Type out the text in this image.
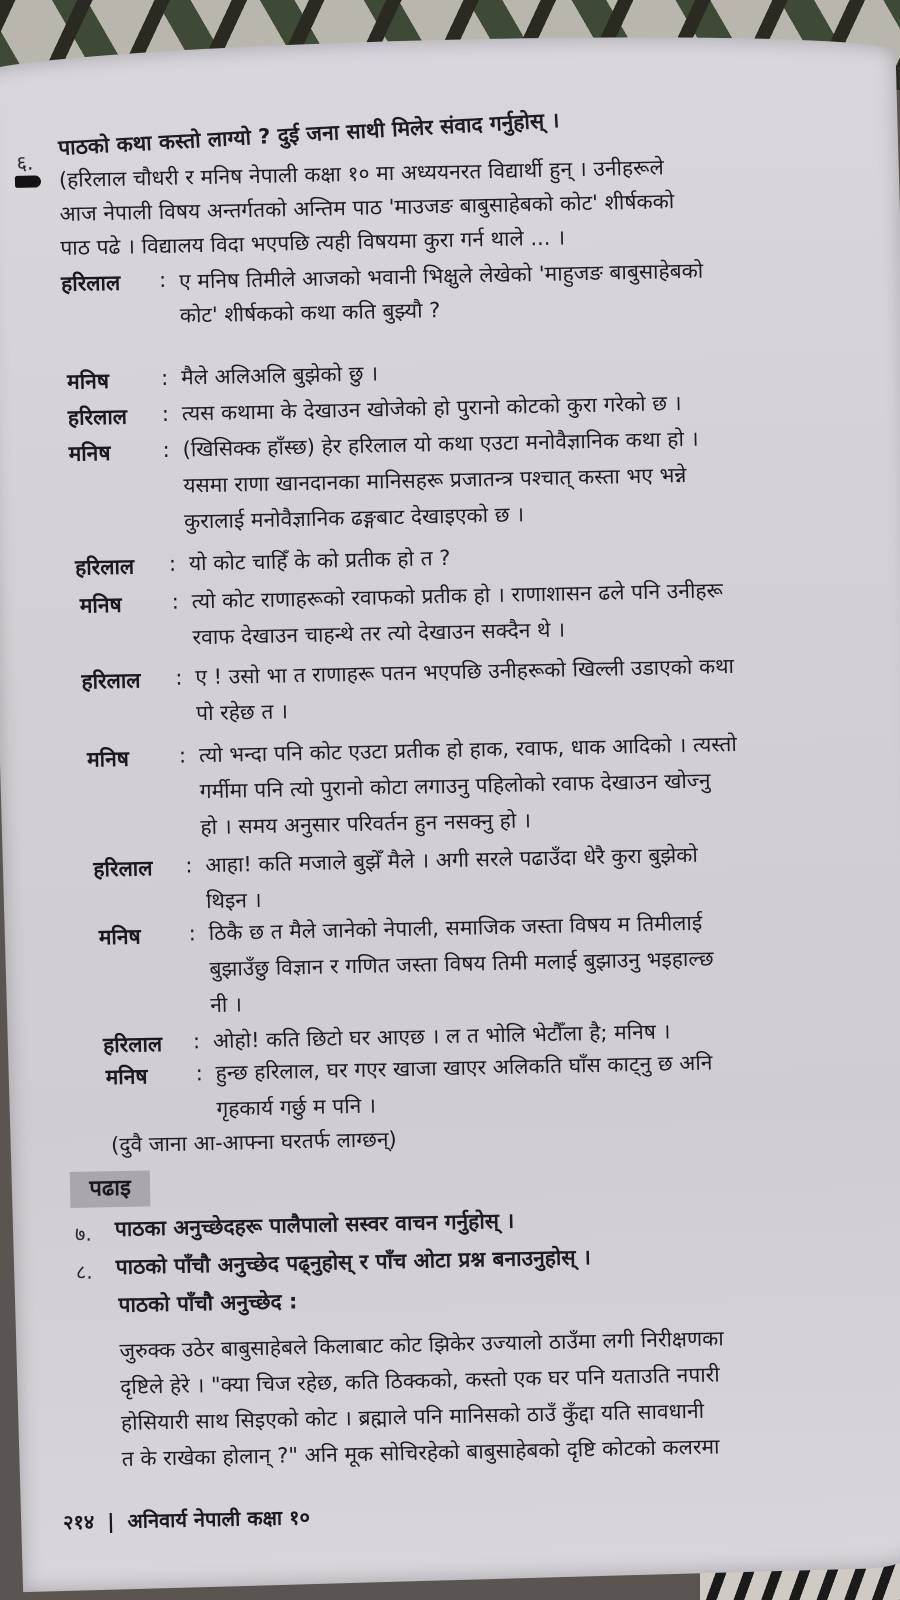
६.
पाठको कथा कस्तो लाग्यो ? दुई जना साथी मिलेर संवाद गर्नुहोस् ।
(हरिलाल चौधरी र मनिष नेपाली कक्षा १० मा अध्ययनरत विद्यार्थी हुन् । उनीहरूले
आज नेपाली विषय अन्तर्गतको अन्तिम पाठ 'माउजङ बाबुसाहेबको कोट' शीर्षकको
पाठ पढे । विद्यालय विदा भएपछि त्यही विषयमा कुरा गर्न थाले ... ।
हरिलाल : ए मनिष तिमीले आजको भवानी भिक्षुले लेखेको 'माहुजङ बाबुसाहेबको
कोट' शीर्षकको कथा कति बुझ्यौ ?
मनिष : मैले अलिअलि बुझेको छु ।
हरिलाल : त्यस कथामा के देखाउन खोजेको हो पुरानो कोटको कुरा गरेको छ ।
मनिष : (खिसिक्क हाँस्छ) हेर हरिलाल यो कथा एउटा मनोवैज्ञानिक कथा हो ।
यसमा राणा खानदानका मानिसहरू प्रजातन्त्र पश्चात् कस्ता भए भन्ने
कुरालाई मनोवैज्ञानिक ढङ्गबाट देखाइएको छ ।
हरिलाल : यो कोट चाहिँ के को प्रतीक हो त ?
मनिष : त्यो कोट राणाहरूको रवाफको प्रतीक हो । राणाशासन ढले पनि उनीहरू
रवाफ देखाउन चाहन्थे तर त्यो देखाउन सक्दैन थे ।
हरिलाल : ए ! उसो भा त राणाहरू पतन भएपछि उनीहरूको खिल्ली उडाएको कथा
पो रहेछ त ।
मनिष : त्यो भन्दा पनि कोट एउटा प्रतीक हो हाक, रवाफ, धाक आदिको । त्यस्तो
गर्मीमा पनि त्यो पुरानो कोटा लगाउनु पहिलोको रवाफ देखाउन खोज्नु
हो । समय अनुसार परिवर्तन हुन नसक्नु हो ।
हरिलाल : आहा! कति मजाले बुझेँ मैले । अगी सरले पढाउँदा धेरै कुरा बुझेको
थिइन ।
मनिष : ठिकै छ त मैले जानेको नेपाली, समाजिक जस्ता विषय म तिमीलाई
बुझाउँछु विज्ञान र गणित जस्ता विषय तिमी मलाई बुझाउनु भइहाल्छ
नी ।
हरिलाल : ओहो! कति छिटो घर आएछ । ल त भोलि भेटौँला है; मनिष ।
मनिष : हुन्छ हरिलाल, घर गएर खाजा खाएर अलिकति घाँस काट्नु छ अनि
गृहकार्य गर्छु म पनि ।
(दुवै जाना आ-आफ्ना घरतर्फ लाग्छन्)
पढाइ
७. पाठका अनुच्छेदहरू पालैपालो सस्वर वाचन गर्नुहोस् ।
८. पाठको पाँचौ अनुच्छेद पढ्नुहोस् र पाँच ओटा प्रश्न बनाउनुहोस् ।
पाठको पाँचौ अनुच्छेद :
जुरुक्क उठेर बाबुसाहेबले किलाबाट कोट झिकेर उज्यालो ठाउँमा लगी निरीक्षणका
दृष्टिले हेरे । "क्या चिज रहेछ, कति ठिक्कको, कस्तो एक घर पनि यताउति नपारी
होसियारी साथ सिइएको कोट । ब्रह्माले पनि मानिसको ठाउँ कुँद्दा यति सावधानी
त के राखेका होलान् ?" अनि मूक सोचिरहेको बाबुसाहेबको दृष्टि कोटको कलरमा
२१४ | अनिवार्य नेपाली कक्षा १०
